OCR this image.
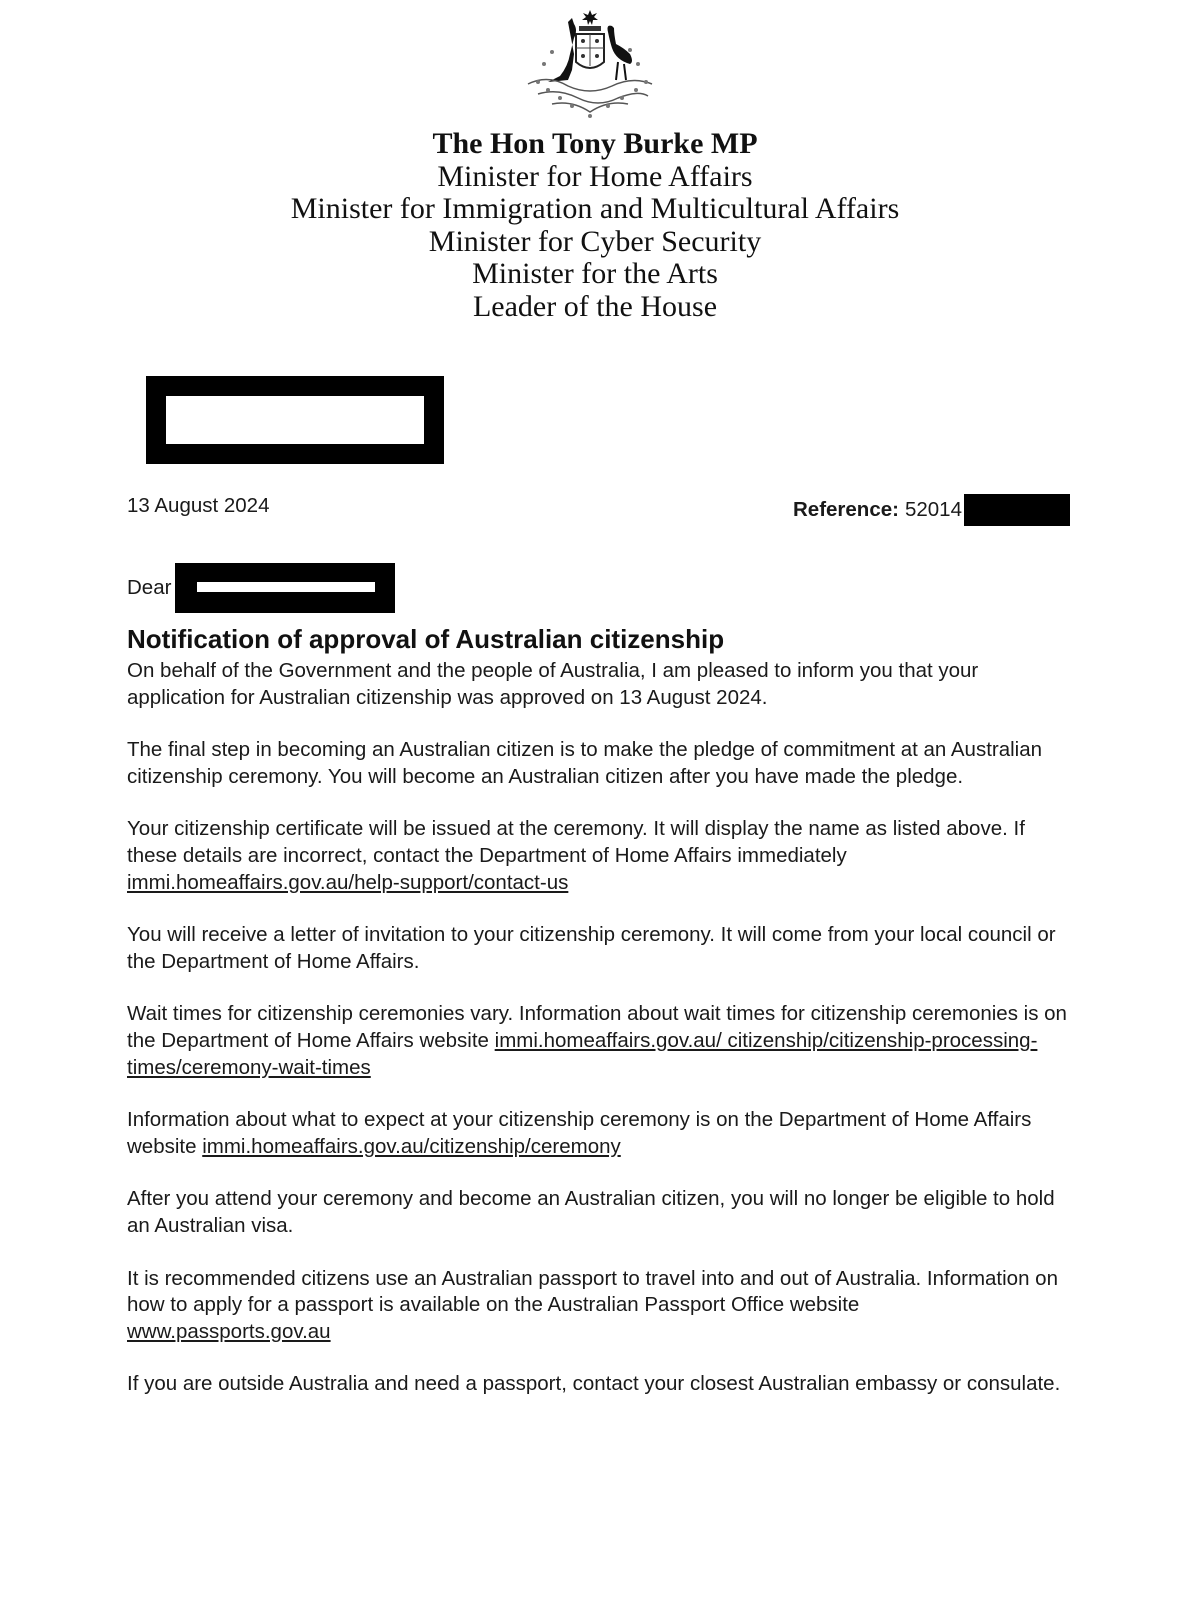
The Hon Tony Burke MP
Minister for Home Affairs
Minister for Immigration and Multicultural Affairs
Minister for Cyber Security
Minister for the Arts
Leader of the House
13 August 2024	Reference: 52014
Dear
Notification of approval of Australian citizenship

On behalf of the Government and the people of Australia, I am pleased to inform you that your application for Australian citizenship was approved on 13 August 2024.

The final step in becoming an Australian citizen is to make the pledge of commitment at an Australian citizenship ceremony. You will become an Australian citizen after you have made the pledge.

Your citizenship certificate will be issued at the ceremony. It will display the name as listed above. If these details are incorrect, contact the Department of Home Affairs immediately
immi.homeaffairs.gov.au/help-support/contact-us

You will receive a letter of invitation to your citizenship ceremony. It will come from your local council or the Department of Home Affairs.

Wait times for citizenship ceremonies vary. Information about wait times for citizenship ceremonies is on the Department of Home Affairs website immi.homeaffairs.gov.au/ citizenship/citizenship-processing-times/ceremony-wait-times

Information about what to expect at your citizenship ceremony is on the Department of Home Affairs website immi.homeaffairs.gov.au/citizenship/ceremony

After you attend your ceremony and become an Australian citizen, you will no longer be eligible to hold an Australian visa.

It is recommended citizens use an Australian passport to travel into and out of Australia. Information on how to apply for a passport is available on the Australian Passport Office website www.passports.gov.au

If you are outside Australia and need a passport, contact your closest Australian embassy or consulate.
